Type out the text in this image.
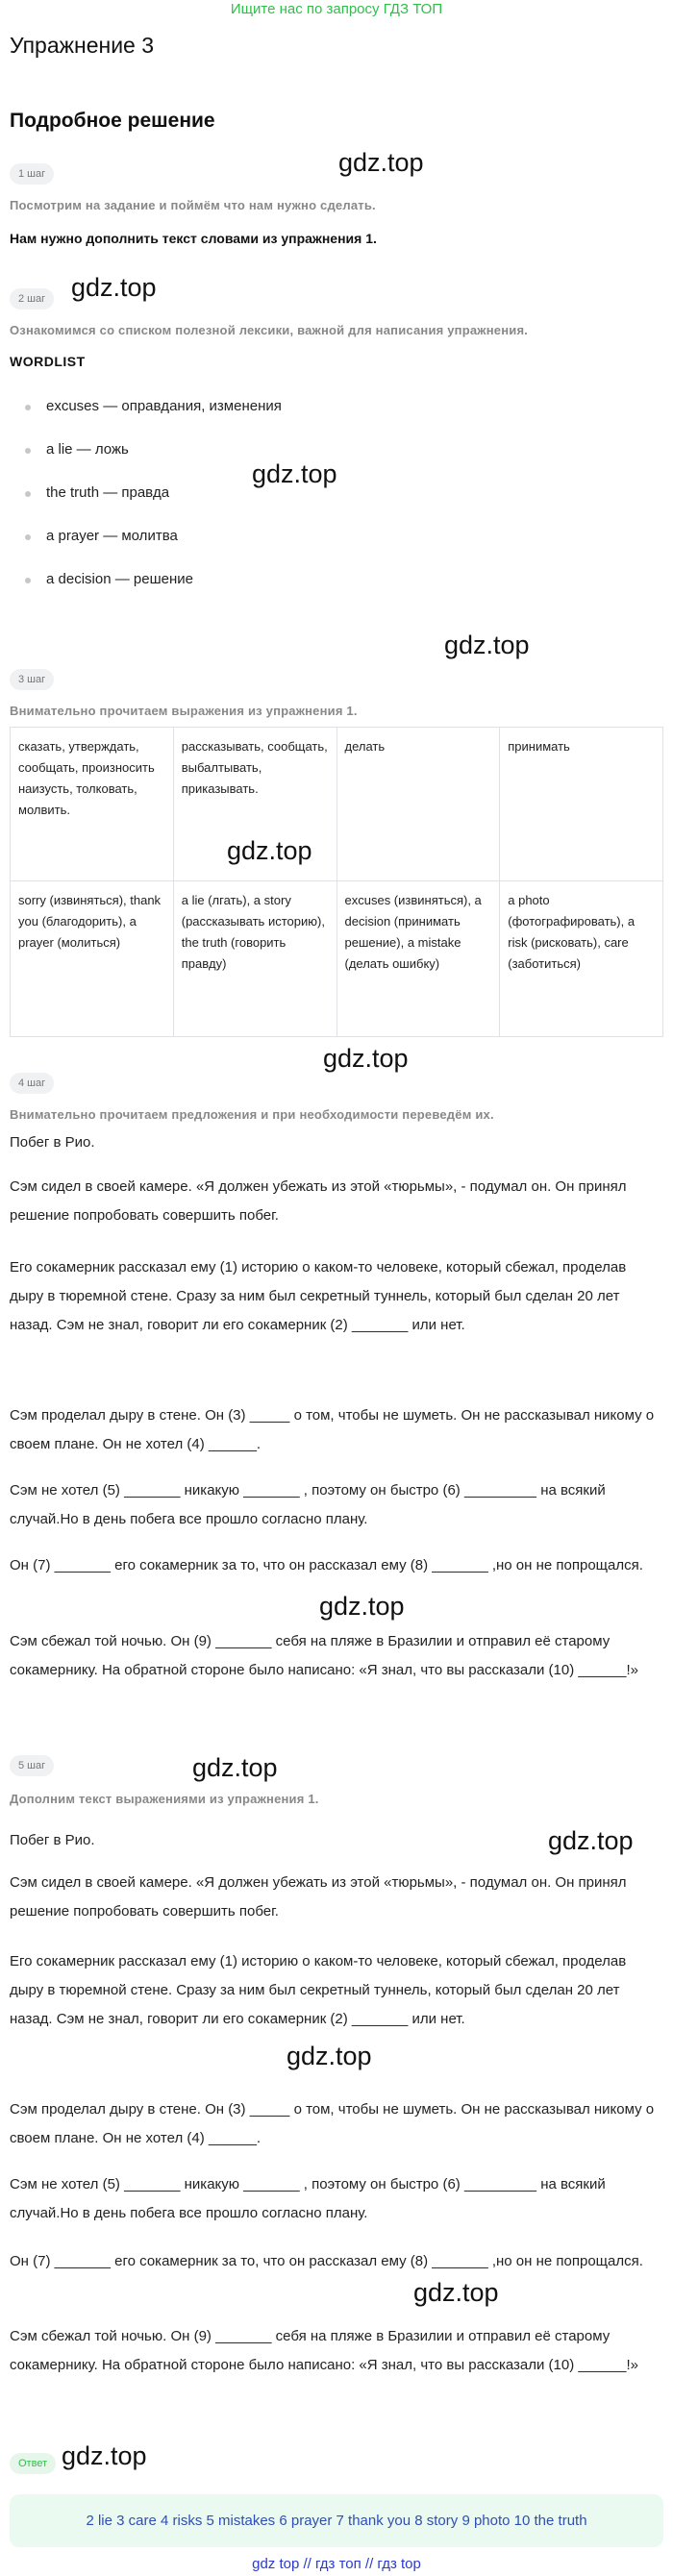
Ищите нас по запросу ГДЗ ТОП
Упражнение 3
Подробное решение
1 шаг
Посмотрим на задание и поймём что нам нужно сделать.
Нам нужно дополнить текст словами из упражнения 1.
2 шаг
Ознакомимся со списком полезной лексики, важной для написания упражнения.
WORDLIST
excuses — оправдания, изменения
a lie — ложь
the truth — правда
a prayer — молитва
a decision — решение
3 шаг
Внимательно прочитаем выражения из упражнения 1.
сказать, утверждать, сообщать, произносить наизусть, толковать, молвить.	рассказывать, сообщать, выбалтывать, приказывать.	делать	принимать
sorry (извиняться), thank you (благодорить), a prayer (молиться)	a lie (лгать), a story (рассказывать историю), the truth (говорить правду)	excuses (извиняться), a decision (принимать решение), a mistake (делать ошибку)	a photo (фотографировать), a risk (рисковать), care (заботиться)
4 шаг
Внимательно прочитаем предложения и при необходимости переведём их.
Побег в Рио.
Сэм сидел в своей камере. «Я должен убежать из этой «тюрьмы», - подумал он. Он принял решение попробовать совершить побег.
Его сокамерник рассказал ему (1) историю о каком-то человеке, который сбежал, проделав дыру в тюремной стене. Сразу за ним был секретный туннель, который был сделан 20 лет назад. Сэм не знал, говорит ли его сокамерник (2) _______ или нет.
Сэм проделал дыру в стене. Он (3) _____ о том, чтобы не шуметь. Он не рассказывал никому о своем плане. Он не хотел (4) ______.
Сэм не хотел (5) _______ никакую _______ , поэтому он быстро (6) _________ на всякий случай.Но в день побега все прошло согласно плану.
Он (7) _______ его сокамерник за то, что он рассказал ему (8) _______ ,но он не попрощался.
Сэм сбежал той ночью. Он (9) _______ себя на пляже в Бразилии и отправил её старому сокамернику. На обратной стороне было написано: «Я знал, что вы рассказали (10) ______!»
5 шаг
Дополним текст выражениями из упражнения 1.
Побег в Рио.
Сэм сидел в своей камере. «Я должен убежать из этой «тюрьмы», - подумал он. Он принял решение попробовать совершить побег.
Его сокамерник рассказал ему (1) историю о каком-то человеке, который сбежал, проделав дыру в тюремной стене. Сразу за ним был секретный туннель, который был сделан 20 лет назад. Сэм не знал, говорит ли его сокамерник (2) _______ или нет.
Сэм проделал дыру в стене. Он (3) _____ о том, чтобы не шуметь. Он не рассказывал никому о своем плане. Он не хотел (4) ______.
Сэм не хотел (5) _______ никакую _______ , поэтому он быстро (6) _________ на всякий случай.Но в день побега все прошло согласно плану.
Он (7) _______ его сокамерник за то, что он рассказал ему (8) _______ ,но он не попрощался.
Сэм сбежал той ночью. Он (9) _______ себя на пляже в Бразилии и отправил её старому сокамернику. На обратной стороне было написано: «Я знал, что вы рассказали (10) ______!»
Ответ
2 lie 3 care 4 risks 5 mistakes 6 prayer 7 thank you 8 story 9 photo 10 the truth
gdz.top
gdz.top
gdz.top
gdz.top
gdz.top
gdz.top
gdz.top
gdz.top
gdz.top
gdz.top
gdz.top
gdz.top
gdz top // гдз топ // гдз top
